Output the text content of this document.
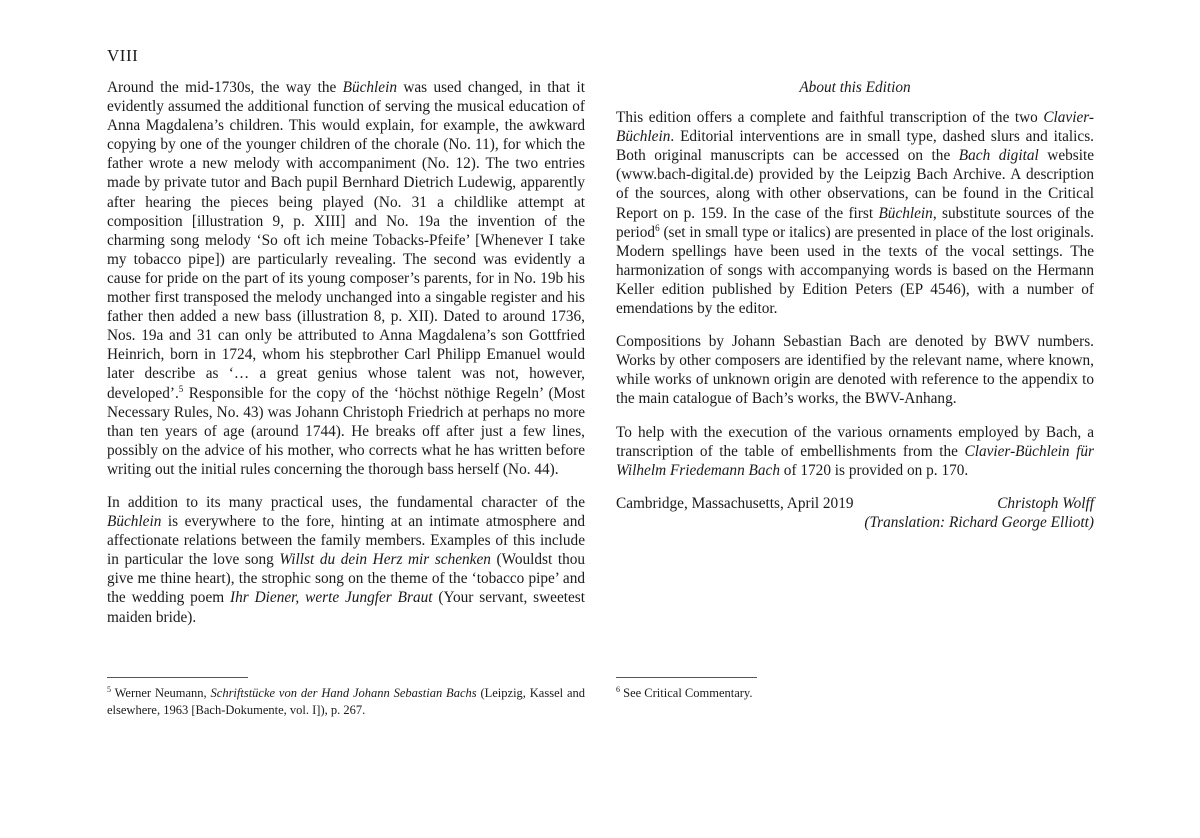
VIII

Around the mid-1730s, the way the Büchlein was used changed, in that it evidently assumed the additional function of serving the musical education of Anna Magdalena’s children. This would explain, for example, the awkward copying by one of the younger children of the chorale (No. 11), for which the father wrote a new melody with accompaniment (No. 12). The two entries made by private tutor and Bach pupil Bernhard Dietrich Ludewig, apparently after hearing the pieces being played (No. 31 a childlike attempt at composition [illustration 9, p. XIII] and No. 19a the invention of the charming song melody ‘So oft ich meine Tobacks-Pfeife’ [Whenever I take my tobacco pipe]) are particularly revealing. The second was evidently a cause for pride on the part of its young composer’s parents, for in No. 19b his mother first transposed the melody unchanged into a singable register and his father then added a new bass (illustration 8, p. XII). Dated to around 1736, Nos. 19a and 31 can only be attributed to Anna Magdalena’s son Gottfried Heinrich, born in 1724, whom his stepbrother Carl Philipp Emanuel would later describe as ‘… a great genius whose talent was not, however, developed’.$^5$ Responsible for the copy of the ‘höchst nöthige Regeln’ (Most Necessary Rules, No. 43) was Johann Christoph Friedrich at perhaps no more than ten years of age (around 1744). He breaks off after just a few lines, possibly on the advice of his mother, who corrects what he has written before writing out the initial rules concerning the thorough bass herself (No. 44).

In addition to its many practical uses, the fundamental character of the Büchlein is everywhere to the fore, hinting at an intimate atmosphere and affectionate relations between the family members. Examples of this include in particular the love song Willst du dein Herz mir schenken (Wouldst thou give me thine heart), the strophic song on the theme of the ‘tobacco pipe’ and the wedding poem Ihr Diener, werte Jungfer Braut (Your servant, sweetest maiden bride).

About this Edition

This edition offers a complete and faithful transcription of the two Clavier-Büchlein. Editorial interventions are in small type, dashed slurs and italics. Both original manuscripts can be accessed on the Bach digital website (www.bach-digital.de) provided by the Leipzig Bach Archive. A description of the sources, along with other observations, can be found in the Critical Report on p. 159. In the case of the first Büchlein, substitute sources of the period$^6$ (set in small type or italics) are presented in place of the lost originals. Modern spellings have been used in the texts of the vocal settings. The harmonization of songs with accompanying words is based on the Hermann Keller edition published by Edition Peters (EP 4546), with a number of emendations by the editor.

Compositions by Johann Sebastian Bach are denoted by BWV numbers. Works by other composers are identified by the relevant name, where known, while works of unknown origin are denoted with reference to the appendix to the main catalogue of Bach’s works, the BWV-Anhang.

To help with the execution of the various ornaments employed by Bach, a transcription of the table of embellishments from the Clavier-Büchlein für Wilhelm Friedemann Bach of 1720 is provided on p. 170.

Cambridge, Massachusetts, April 2019	Christoph Wolff
(Translation: Richard George Elliott)
$^5$ Werner Neumann, Schriftstücke von der Hand Johann Sebastian Bachs (Leipzig, Kassel and elsewhere, 1963 [Bach-Dokumente, vol. I]), p. 267.
$^6$ See Critical Commentary.
